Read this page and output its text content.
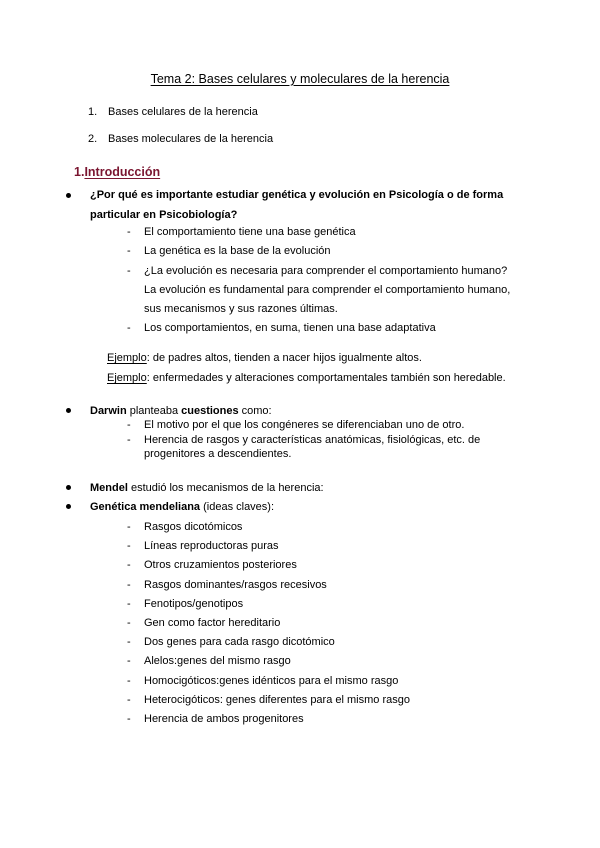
Tema 2: Bases celulares y moleculares de la herencia
1. Bases celulares de la herencia
2. Bases moleculares de la herencia
1.Introducción
¿Por qué es importante estudiar genética y evolución en Psicología o de forma
particular en Psicobiología?
- El comportamiento tiene una base genética
- La genética es la base de la evolución
- ¿La evolución es necesaria para comprender el comportamiento humano?
La evolución es fundamental para comprender el comportamiento humano,
sus mecanismos y sus razones últimas.
- Los comportamientos, en suma, tienen una base adaptativa
Ejemplo: de padres altos, tienden a nacer hijos igualmente altos.
Ejemplo: enfermedades y alteraciones comportamentales también son heredable.
Darwin planteaba cuestiones como:
- El motivo por el que los congéneres se diferenciaban uno de otro.
- Herencia de rasgos y características anatómicas, fisiológicas, etc. de
progenitores a descendientes.
Mendel estudió los mecanismos de la herencia:
Genética mendeliana (ideas claves):
- Rasgos dicotómicos
- Líneas reproductoras puras
- Otros cruzamientos posteriores
- Rasgos dominantes/rasgos recesivos
- Fenotipos/genotipos
- Gen como factor hereditario
- Dos genes para cada rasgo dicotómico
- Alelos:genes del mismo rasgo
- Homocigóticos:genes idénticos para el mismo rasgo
- Heterocigóticos: genes diferentes para el mismo rasgo
- Herencia de ambos progenitores
